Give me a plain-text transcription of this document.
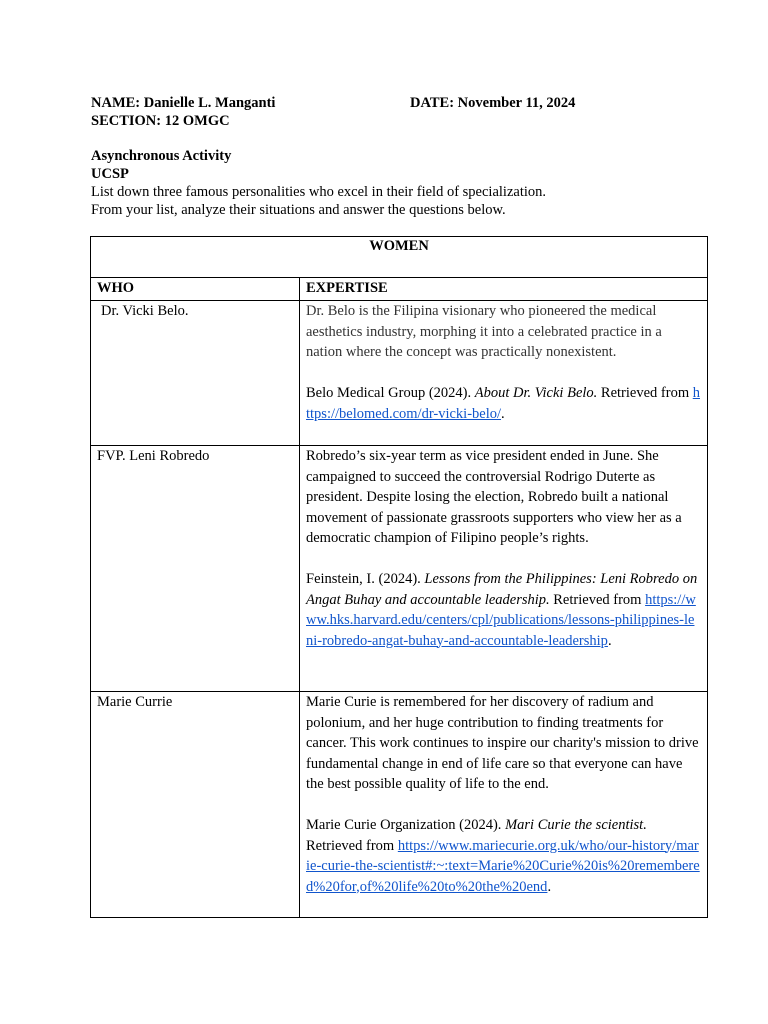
NAME: Danielle L. Manganti	DATE: November 11, 2024
SECTION: 12 OMGC
Asynchronous Activity
UCSP
List down three famous personalities who excel in their field of specialization. From your list, analyze their situations and answer the questions below.
WOMEN	
WHO	EXPERTISE
Dr. Vicki Belo.	Dr. Belo is the Filipina visionary who pioneered the medical aesthetics industry, morphing it into a celebrated practice in a nation where the concept was practically nonexistent.
Belo Medical Group (2024). About Dr. Vicki Belo. Retrieved from https://belomed.com/dr-vicki-belo/.

FVP. Leni Robredo	Robredo’s six-year term as vice president ended in June. She campaigned to succeed the controversial Rodrigo Duterte as president. Despite losing the election, Robredo built a national movement of passionate grassroots supporters who view her as a democratic champion of Filipino people’s rights.
Feinstein, I. (2024). Lessons from the Philippines: Leni Robredo on Angat Buhay and accountable leadership. Retrieved from https://www.hks.harvard.edu/centers/cpl/publications/lessons-philippines-leni-robredo-angat-buhay-and-accountable-leadership.

Marie Currie	Marie Curie is remembered for her discovery of radium and polonium, and her huge contribution to finding treatments for cancer. This work continues to inspire our charity's mission to drive fundamental change in end of life care so that everyone can have the best possible quality of life to the end.
Marie Curie Organization (2024). Mari Curie the scientist. Retrieved from https://www.mariecurie.org.uk/who/our-history/marie-curie-the-scientist#:~:text=Marie%20Curie%20is%20remembered%20for,of%20life%20to%20the%20end.
